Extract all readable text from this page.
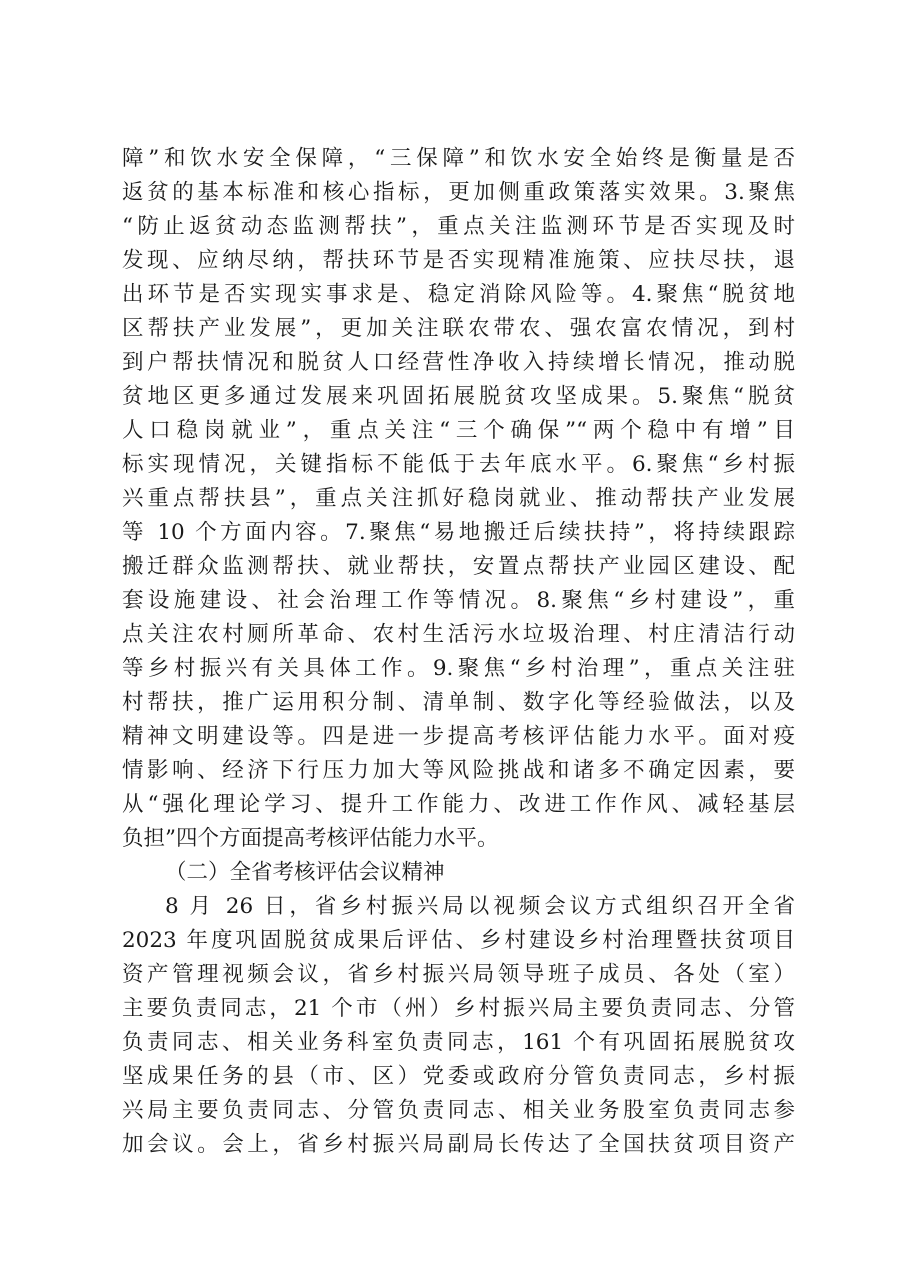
障”和饮水安全保障，“三保障”和饮水安全始终是衡量是否
返贫的基本标准和核心指标，更加侧重政策落实效果。3.聚焦
“防止返贫动态监测帮扶”，重点关注监测环节是否实现及时
发现、应纳尽纳，帮扶环节是否实现精准施策、应扶尽扶，退
出环节是否实现实事求是、稳定消除风险等。4.聚焦“脱贫地
区帮扶产业发展”，更加关注联农带农、强农富农情况，到村
到户帮扶情况和脱贫人口经营性净收入持续增长情况，推动脱
贫地区更多通过发展来巩固拓展脱贫攻坚成果。5.聚焦“脱贫
人口稳岗就业”，重点关注“三个确保”“两个稳中有增”目
标实现情况，关键指标不能低于去年底水平。6.聚焦“乡村振
兴重点帮扶县”，重点关注抓好稳岗就业、推动帮扶产业发展
等 10 个方面内容。7.聚焦“易地搬迁后续扶持”，将持续跟踪
搬迁群众监测帮扶、就业帮扶，安置点帮扶产业园区建设、配
套设施建设、社会治理工作等情况。8.聚焦“乡村建设”，重
点关注农村厕所革命、农村生活污水垃圾治理、村庄清洁行动
等乡村振兴有关具体工作。9.聚焦“乡村治理”，重点关注驻
村帮扶，推广运用积分制、清单制、数字化等经验做法，以及
精神文明建设等。四是进一步提高考核评估能力水平。面对疫
情影响、经济下行压力加大等风险挑战和诸多不确定因素，要
从“强化理论学习、提升工作能力、改进工作作风、减轻基层
负担”四个方面提高考核评估能力水平。
（二）全省考核评估会议精神
8 月 26 日，省乡村振兴局以视频会议方式组织召开全省
2023 年度巩固脱贫成果后评估、乡村建设乡村治理暨扶贫项目
资产管理视频会议，省乡村振兴局领导班子成员、各处（室）
主要负责同志，21 个市（州）乡村振兴局主要负责同志、分管
负责同志、相关业务科室负责同志，161 个有巩固拓展脱贫攻
坚成果任务的县（市、区）党委或政府分管负责同志，乡村振
兴局主要负责同志、分管负责同志、相关业务股室负责同志参
加会议。会上，省乡村振兴局副局长传达了全国扶贫项目资产
